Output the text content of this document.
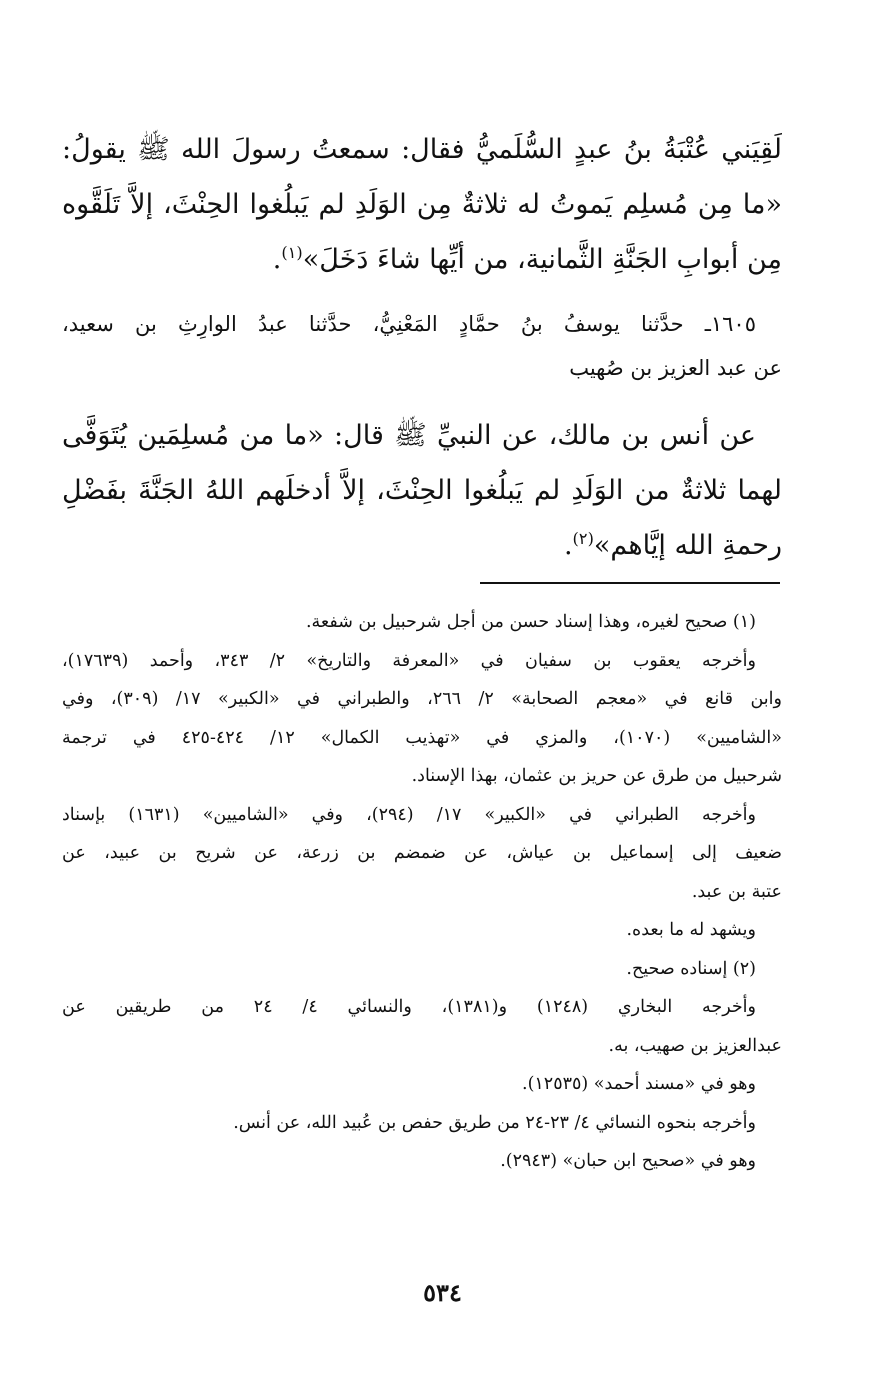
لَقِيَني عُتْبَةُ بنُ عبدٍ السُّلَميُّ فقال: سمعتُ رسولَ الله ﷺ يقولُ:
«ما مِن مُسلِم يَموتُ له ثلاثةٌ مِن الوَلَدِ لم يَبلُغوا الحِنْثَ، إلاَّ تَلَقَّوه
مِن أبوابِ الجَنَّةِ الثَّمانية، من أيِّها شاءَ دَخَلَ»$^{(١)}$.
١٦٠٥ـ حدَّثنا يوسفُ بنُ حمَّادٍ المَعْنِيُّ، حدَّثنا عبدُ الوارِثِ بن سعيد،
عن عبد العزيز بن صُهيب
عن أنس بن مالك، عن النبيِّ ﷺ قال: «ما من مُسلِمَين يُتَوَفَّى
لهما ثلاثةٌ من الوَلَدِ لم يَبلُغوا الحِنْثَ، إلاَّ أدخلَهم اللهُ الجَنَّةَ بفَضْلِ
رحمةِ الله إيَّاهم»$^{(٢)}$.
(١) صحيح لغيره، وهذا إسناد حسن من أجل شرحبيل بن شفعة.
وأخرجه يعقوب بن سفيان في «المعرفة والتاريخ» ٢/ ٣٤٣، وأحمد (١٧٦٣٩)،
وابن قانع في «معجم الصحابة» ٢/ ٢٦٦، والطبراني في «الكبير» ١٧/ (٣٠٩)، وفي
«الشاميين» (١٠٧٠)، والمزي في «تهذيب الكمال» ١٢/ ٤٢٤-٤٢٥ في ترجمة
شرحبيل من طرق عن حريز بن عثمان، بهذا الإسناد.
وأخرجه الطبراني في «الكبير» ١٧/ (٢٩٤)، وفي «الشاميين» (١٦٣١) بإسناد
ضعيف إلى إسماعيل بن عياش، عن ضمضم بن زرعة، عن شريح بن عبيد، عن
عتبة بن عبد.
ويشهد له ما بعده.
(٢) إسناده صحيح.
وأخرجه البخاري (١٢٤٨) و(١٣٨١)، والنسائي ٤/ ٢٤ من طريقين عن
عبدالعزيز بن صهيب، به.
وهو في «مسند أحمد» (١٢٥٣٥).
وأخرجه بنحوه النسائي ٤/ ٢٣-٢٤ من طريق حفص بن عُبيد الله، عن أنس.
وهو في «صحيح ابن حبان» (٢٩٤٣).
٥٣٤
